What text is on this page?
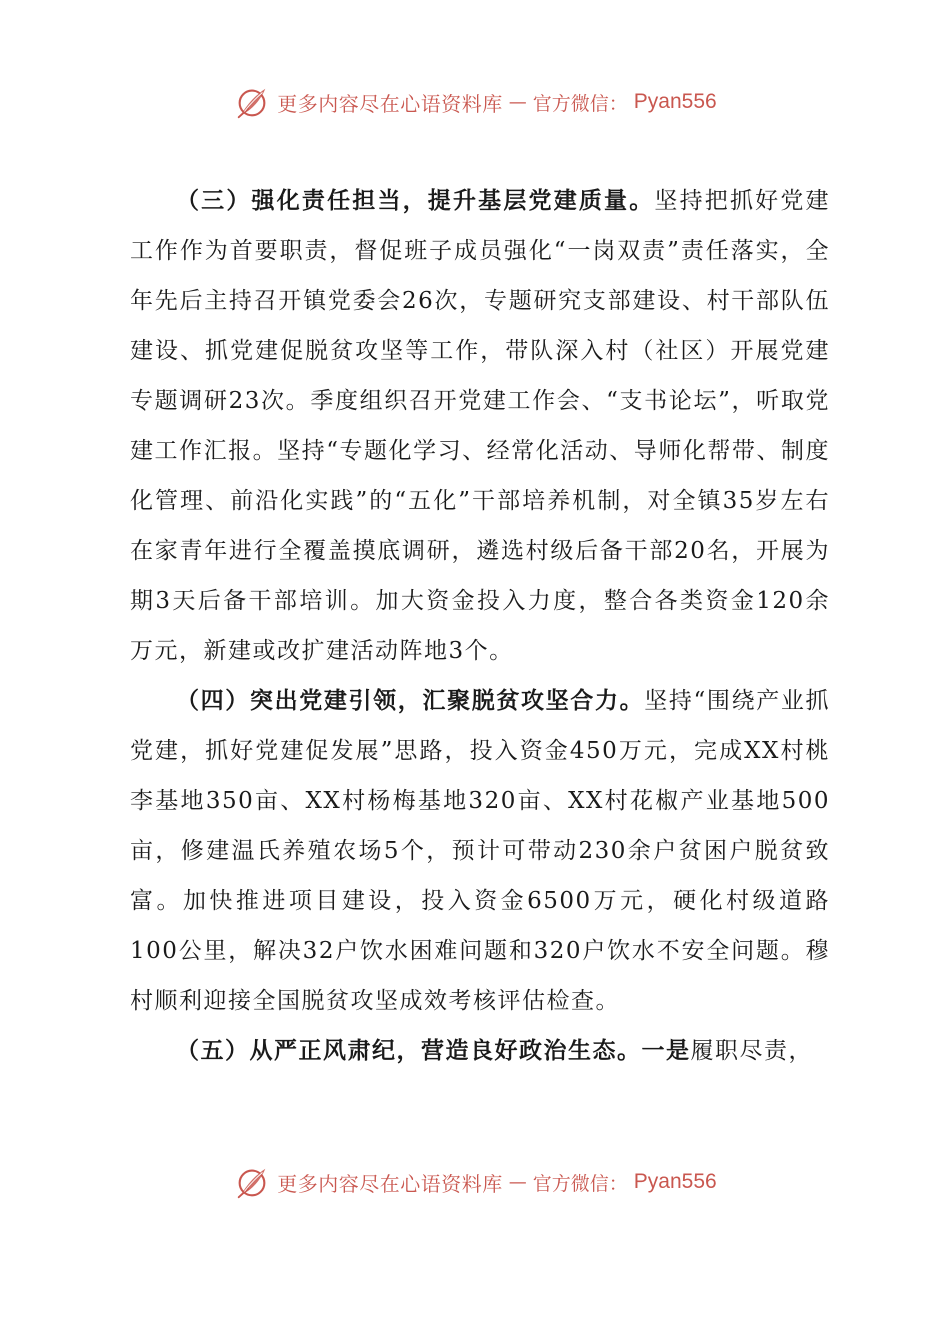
更多内容尽在心语资料库 — 官方微信： Pyan556

（三）强化责任担当，提升基层党建质量。坚持把抓好党建工作作为首要职责，督促班子成员强化“一岗双责”责任落实，全年先后主持召开镇党委会26次，专题研究支部建设、村干部队伍建设、抓党建促脱贫攻坚等工作，带队深入村（社区）开展党建专题调研23次。季度组织召开党建工作会、“支书论坛”，听取党建工作汇报。坚持“专题化学习、经常化活动、导师化帮带、制度化管理、前沿化实践”的“五化”干部培养机制，对全镇35岁左右在家青年进行全覆盖摸底调研，遴选村级后备干部20名，开展为期3天后备干部培训。加大资金投入力度，整合各类资金120余万元，新建或改扩建活动阵地3个。

（四）突出党建引领，汇聚脱贫攻坚合力。坚持“围绕产业抓党建，抓好党建促发展”思路，投入资金450万元，完成XX村桃李基地350亩、XX村杨梅基地320亩、XX村花椒产业基地500亩，修建温氏养殖农场5个，预计可带动230余户贫困户脱贫致富。加快推进项目建设，投入资金6500万元，硬化村级道路100公里，解决32户饮水困难问题和320户饮水不安全问题。穆村顺利迎接全国脱贫攻坚成效考核评估检查。

（五）从严正风肃纪，营造良好政治生态。一是履职尽责，

更多内容尽在心语资料库 — 官方微信： Pyan556
